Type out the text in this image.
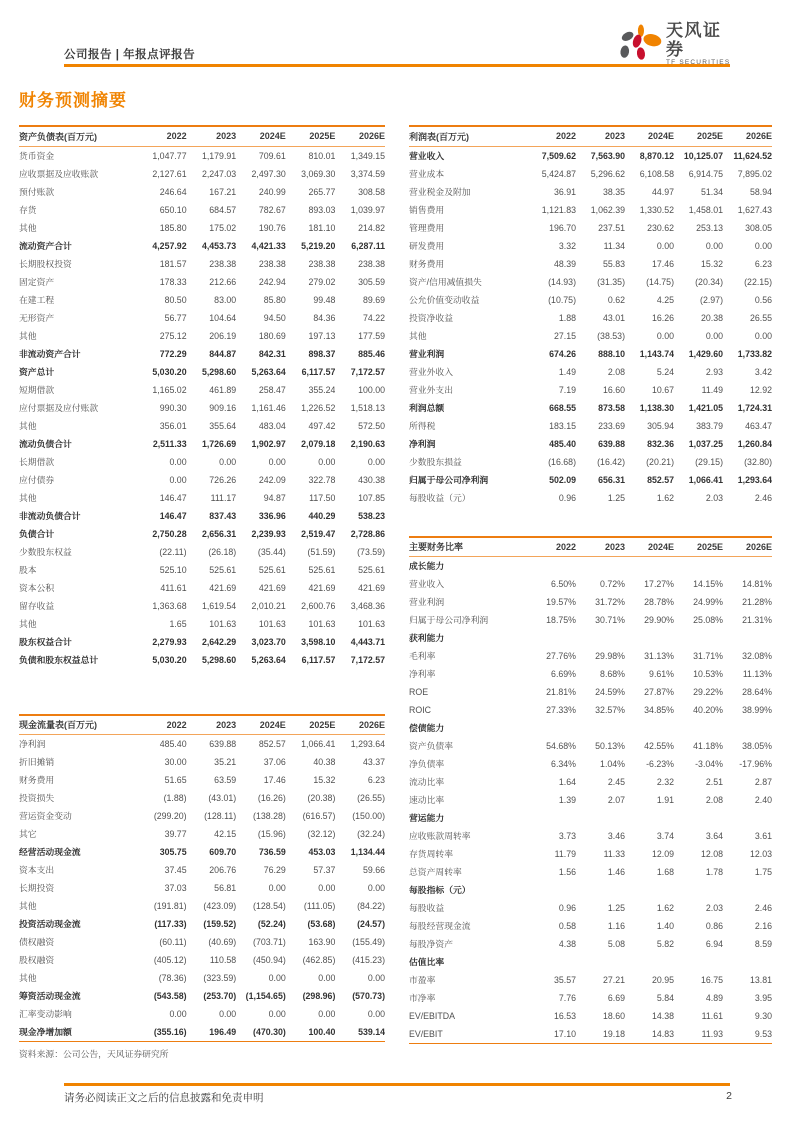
公司报告 | 年报点评报告
天风证券
TF SECURITIES
财务预测摘要
资产负债表(百万元)	2022	2023	2024E	2025E	2026E
货币资金	1,047.77	1,179.91	709.61	810.01	1,349.15
应收票据及应收账款	2,127.61	2,247.03	2,497.30	3,069.30	3,374.59
预付账款	246.64	167.21	240.99	265.77	308.58
存货	650.10	684.57	782.67	893.03	1,039.97
其他	185.80	175.02	190.76	181.10	214.82
流动资产合计	4,257.92	4,453.73	4,421.33	5,219.20	6,287.11
长期股权投资	181.57	238.38	238.38	238.38	238.38
固定资产	178.33	212.66	242.94	279.02	305.59
在建工程	80.50	83.00	85.80	99.48	89.69
无形资产	56.77	104.64	94.50	84.36	74.22
其他	275.12	206.19	180.69	197.13	177.59
非流动资产合计	772.29	844.87	842.31	898.37	885.46
资产总计	5,030.20	5,298.60	5,263.64	6,117.57	7,172.57
短期借款	1,165.02	461.89	258.47	355.24	100.00
应付票据及应付账款	990.30	909.16	1,161.46	1,226.52	1,518.13
其他	356.01	355.64	483.04	497.42	572.50
流动负债合计	2,511.33	1,726.69	1,902.97	2,079.18	2,190.63
长期借款	0.00	0.00	0.00	0.00	0.00
应付债券	0.00	726.26	242.09	322.78	430.38
其他	146.47	111.17	94.87	117.50	107.85
非流动负债合计	146.47	837.43	336.96	440.29	538.23
负债合计	2,750.28	2,656.31	2,239.93	2,519.47	2,728.86
少数股东权益	(22.11)	(26.18)	(35.44)	(51.59)	(73.59)
股本	525.10	525.61	525.61	525.61	525.61
资本公积	411.61	421.69	421.69	421.69	421.69
留存收益	1,363.68	1,619.54	2,010.21	2,600.76	3,468.36
其他	1.65	101.63	101.63	101.63	101.63
股东权益合计	2,279.93	2,642.29	3,023.70	3,598.10	4,443.71
负债和股东权益总计	5,030.20	5,298.60	5,263.64	6,117.57	7,172.57
现金流量表(百万元)	2022	2023	2024E	2025E	2026E
净利润	485.40	639.88	852.57	1,066.41	1,293.64
折旧摊销	30.00	35.21	37.06	40.38	43.37
财务费用	51.65	63.59	17.46	15.32	6.23
投资损失	(1.88)	(43.01)	(16.26)	(20.38)	(26.55)
营运资金变动	(299.20)	(128.11)	(138.28)	(616.57)	(150.00)
其它	39.77	42.15	(15.96)	(32.12)	(32.24)
经营活动现金流	305.75	609.70	736.59	453.03	1,134.44
资本支出	37.45	206.76	76.29	57.37	59.66
长期投资	37.03	56.81	0.00	0.00	0.00
其他	(191.81)	(423.09)	(128.54)	(111.05)	(84.22)
投资活动现金流	(117.33)	(159.52)	(52.24)	(53.68)	(24.57)
债权融资	(60.11)	(40.69)	(703.71)	163.90	(155.49)
股权融资	(405.12)	110.58	(450.94)	(462.85)	(415.23)
其他	(78.36)	(323.59)	0.00	0.00	0.00
筹资活动现金流	(543.58)	(253.70)	(1,154.65)	(298.96)	(570.73)
汇率变动影响	0.00	0.00	0.00	0.00	0.00
现金净增加额	(355.16)	196.49	(470.30)	100.40	539.14
资料来源：公司公告，天风证券研究所
利润表(百万元)	2022	2023	2024E	2025E	2026E
营业收入	7,509.62	7,563.90	8,870.12	10,125.07	11,624.52
营业成本	5,424.87	5,296.62	6,108.58	6,914.75	7,895.02
营业税金及附加	36.91	38.35	44.97	51.34	58.94
销售费用	1,121.83	1,062.39	1,330.52	1,458.01	1,627.43
管理费用	196.70	237.51	230.62	253.13	308.05
研发费用	3.32	11.34	0.00	0.00	0.00
财务费用	48.39	55.83	17.46	15.32	6.23
资产/信用减值损失	(14.93)	(31.35)	(14.75)	(20.34)	(22.15)
公允价值变动收益	(10.75)	0.62	4.25	(2.97)	0.56
投资净收益	1.88	43.01	16.26	20.38	26.55
其他	27.15	(38.53)	0.00	0.00	0.00
营业利润	674.26	888.10	1,143.74	1,429.60	1,733.82
营业外收入	1.49	2.08	5.24	2.93	3.42
营业外支出	7.19	16.60	10.67	11.49	12.92
利润总额	668.55	873.58	1,138.30	1,421.05	1,724.31
所得税	183.15	233.69	305.94	383.79	463.47
净利润	485.40	639.88	832.36	1,037.25	1,260.84
少数股东损益	(16.68)	(16.42)	(20.21)	(29.15)	(32.80)
归属于母公司净利润	502.09	656.31	852.57	1,066.41	1,293.64
每股收益（元）	0.96	1.25	1.62	2.03	2.46
主要财务比率	2022	2023	2024E	2025E	2026E
成长能力					
营业收入	6.50%	0.72%	17.27%	14.15%	14.81%
营业利润	19.57%	31.72%	28.78%	24.99%	21.28%
归属于母公司净利润	18.75%	30.71%	29.90%	25.08%	21.31%
获利能力					
毛利率	27.76%	29.98%	31.13%	31.71%	32.08%
净利率	6.69%	8.68%	9.61%	10.53%	11.13%
ROE	21.81%	24.59%	27.87%	29.22%	28.64%
ROIC	27.33%	32.57%	34.85%	40.20%	38.99%
偿债能力					
资产负债率	54.68%	50.13%	42.55%	41.18%	38.05%
净负债率	6.34%	1.04%	-6.23%	-3.04%	-17.96%
流动比率	1.64	2.45	2.32	2.51	2.87
速动比率	1.39	2.07	1.91	2.08	2.40
营运能力					
应收账款周转率	3.73	3.46	3.74	3.64	3.61
存货周转率	11.79	11.33	12.09	12.08	12.03
总资产周转率	1.56	1.46	1.68	1.78	1.75
每股指标（元）					
每股收益	0.96	1.25	1.62	2.03	2.46
每股经营现金流	0.58	1.16	1.40	0.86	2.16
每股净资产	4.38	5.08	5.82	6.94	8.59
估值比率					
市盈率	35.57	27.21	20.95	16.75	13.81
市净率	7.76	6.69	5.84	4.89	3.95
EV/EBITDA	16.53	18.60	14.38	11.61	9.30
EV/EBIT	17.10	19.18	14.83	11.93	9.53
请务必阅读正文之后的信息披露和免责申明	2
